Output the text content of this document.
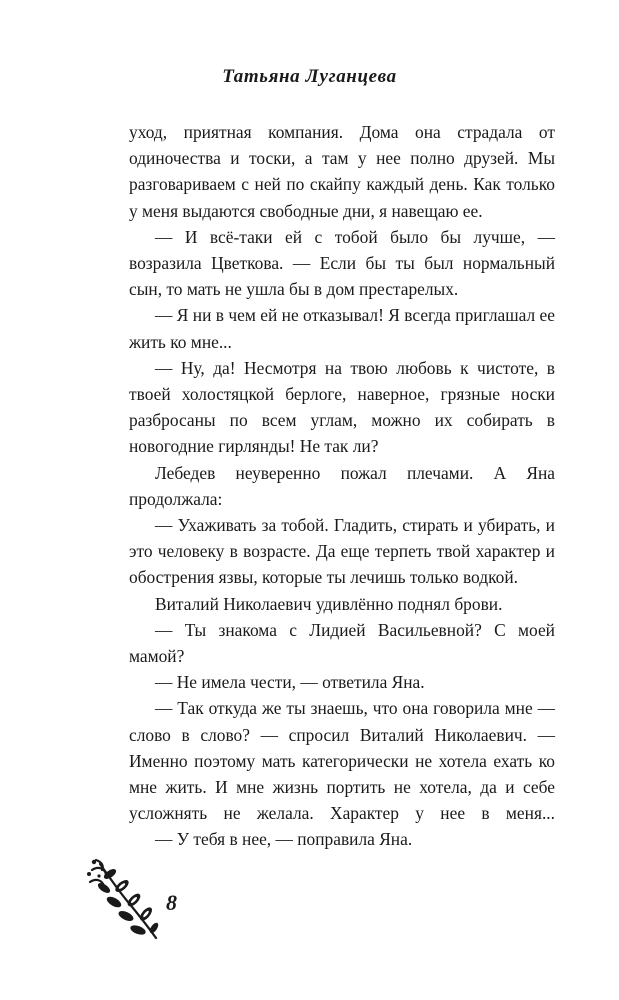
Татьяна Луганцева

уход, приятная компания. Дома она страдала от одиночества и тоски, а там у нее полно друзей. Мы разговариваем с ней по скайпу каждый день. Как только у меня выдаются свободные дни, я навещаю ее.

— И всё-таки ей с тобой было бы лучше, — возразила Цветкова. — Если бы ты был нормальный сын, то мать не ушла бы в дом престарелых.

— Я ни в чем ей не отказывал! Я всегда приглашал ее жить ко мне...

— Ну, да! Несмотря на твою любовь к чистоте, в твоей холостяцкой берлоге, наверное, грязные носки разбросаны по всем углам, можно их собирать в новогодние гирлянды! Не так ли?

Лебедев неуверенно пожал плечами. А Яна продолжала:

— Ухаживать за тобой. Гладить, стирать и убирать, и это человеку в возрасте. Да еще терпеть твой характер и обострения язвы, которые ты лечишь только водкой.

Виталий Николаевич удивлённо поднял брови.

— Ты знакома с Лидией Васильевной? С моей мамой?

— Не имела чести, — ответила Яна.

— Так откуда же ты знаешь, что она говорила мне — слово в слово? — спросил Виталий Николаевич. — Именно поэтому мать категорически не хотела ехать ко мне жить. И мне жизнь портить не хотела, да и себе усложнять не желала. Характер у нее в меня...

— У тебя в нее, — поправила Яна.

8
